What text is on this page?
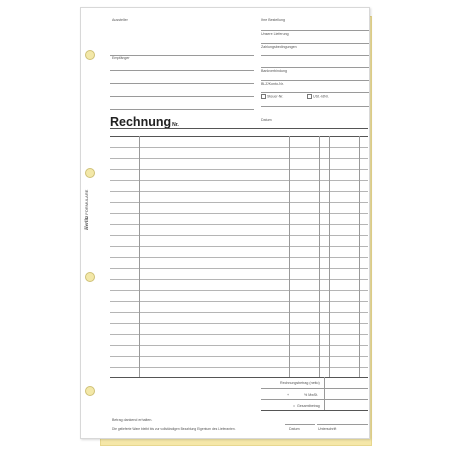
Herlitz FORMULARE
Aussteller
Empfänger
Ihre Bestellung
Unsere Lieferung
Zahlungsbedingungen
Bankverbindung
BLZ/Konto-Nr.
Steuer-Nr.	USt.-IdNr.
Datum
RechnungNr.
Rechnungsbetrag (netto)
+	% MwSt.
= Gesamtbetrag
Betrag dankend erhalten.
Die gelieferte Ware bleibt bis zur vollständigen Bezahlung Eigentum des Lieferanten.	Datum	Unterschrift
